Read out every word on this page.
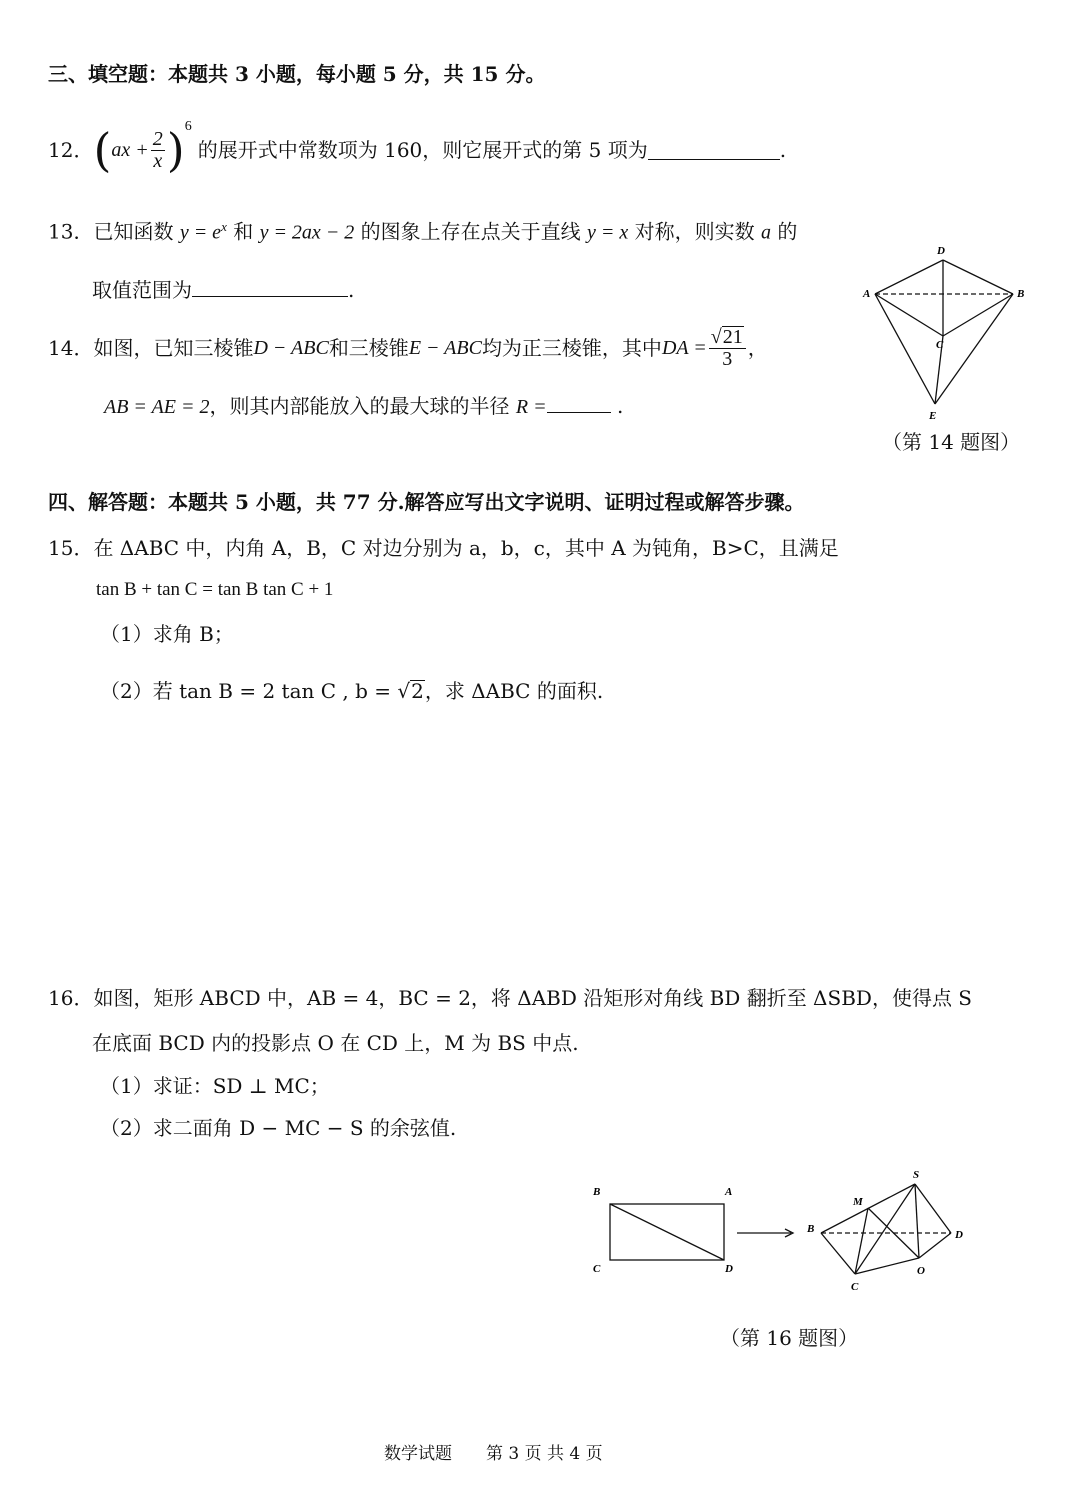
三、填空题：本题共 3 小题，每小题 5 分，共 15 分。
12． ( ax + $\frac{2}{x}$ ) 6
的展开式中常数项为 160，则它展开式的第 5 项为	.
13．已知函数 $y = e^x$ 和 y = 2ax − 2 的图象上存在点关于直线 y = x 对称，则实数 a 的
取值范围为	.
14． 如图，已知三棱锥 D − ABC 和三棱锥 E − ABC 均为正三棱锥，其中 DA = $\frac{√21}{3}$ ，
AB = AE = 2，则其内部能放入的最大球的半径 R =	.
D
A	B
C
E
（第 14 题图）
四、解答题：本题共 5 小题，共 77 分.解答应写出文字说明、证明过程或解答步骤。
15．在 ΔABC 中，内角 A，B，C 对边分别为 a，b，c，其中 A 为钝角，B>C，且满足
tan B + tan C = tan B tan C + 1
（1）求角 B；
（2）若 tan B = 2 tan C , b = √2，求 ΔABC 的面积.
16．如图，矩形 ABCD 中，AB = 4，BC = 2，将 ΔABD 沿矩形对角线 BD 翻折至 ΔSBD，使得点 S
在底面 BCD 内的投影点 O 在 CD 上，M 为 BS 中点.
（1）求证：SD ⊥ MC；
（2）求二面角 D − MC − S 的余弦值.
B	A
C	D
B
S
M
D
O
C
（第 16 题图）
数学试题　　第 3 页 共 4 页
